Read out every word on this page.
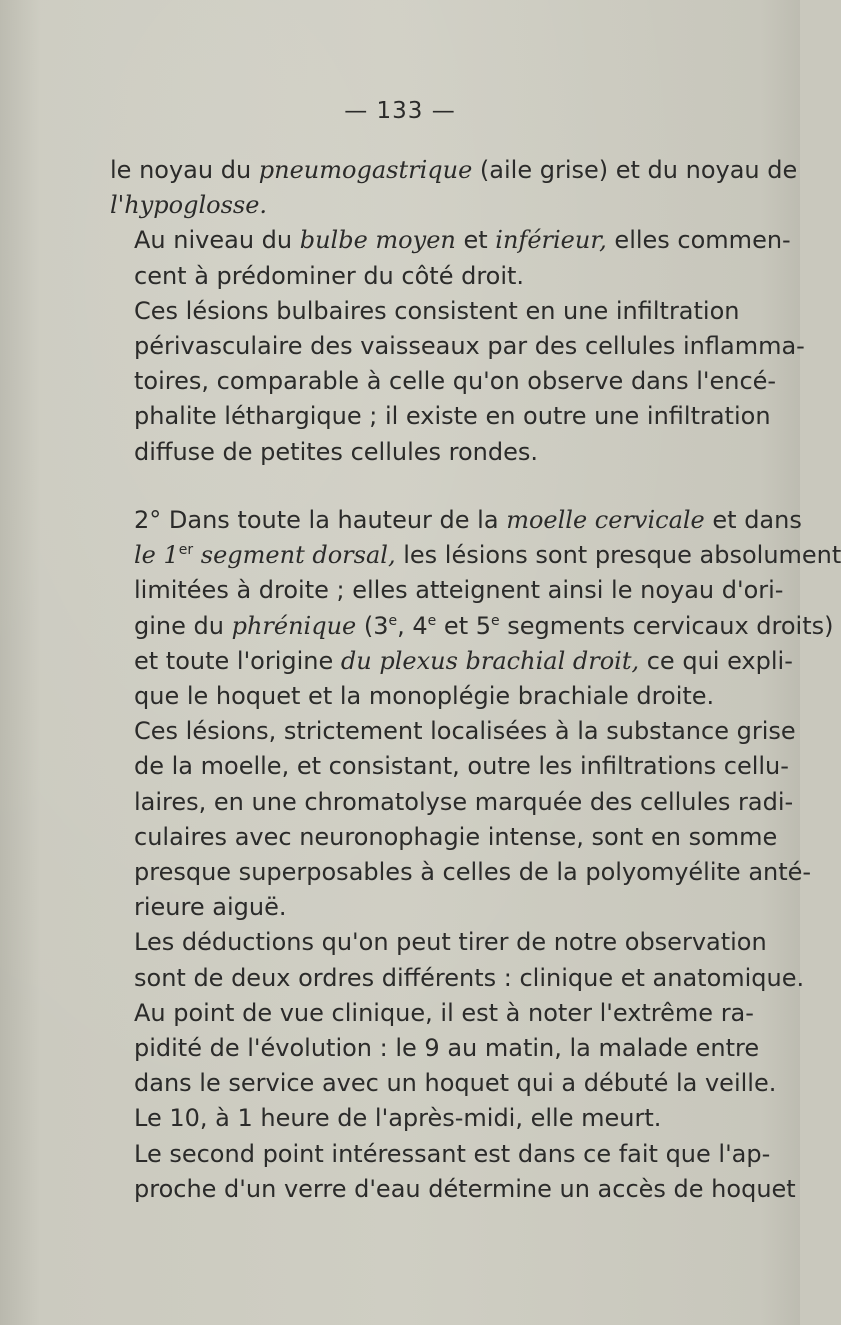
— 133 —

le noyau du pneumogastrique (aile grise) et du noyau de
l'hypoglosse.

Au niveau du bulbe moyen et inférieur, elles commen-
cent à prédominer du côté droit.

Ces lésions bulbaires consistent en une infiltration
périvasculaire des vaisseaux par des cellules inflamma-
toires, comparable à celle qu'on observe dans l'encé-
phalite léthargique ; il existe en outre une infiltration
diffuse de petites cellules rondes.

2° Dans toute la hauteur de la moelle cervicale et dans
le 1er segment dorsal, les lésions sont presque absolument
limitées à droite ; elles atteignent ainsi le noyau d'ori-
gine du phrénique (3e, 4e et 5e segments cervicaux droits)
et toute l'origine du plexus brachial droit, ce qui expli-
que le hoquet et la monoplégie brachiale droite.

Ces lésions, strictement localisées à la substance grise
de la moelle, et consistant, outre les infiltrations cellu-
laires, en une chromatolyse marquée des cellules radi-
culaires avec neuronophagie intense, sont en somme
presque superposables à celles de la polyomyélite anté-
rieure aiguë.

Les déductions qu'on peut tirer de notre observation
sont de deux ordres différents : clinique et anatomique.

Au point de vue clinique, il est à noter l'extrême ra-
pidité de l'évolution : le 9 au matin, la malade entre
dans le service avec un hoquet qui a débuté la veille.
Le 10, à 1 heure de l'après-midi, elle meurt.

Le second point intéressant est dans ce fait que l'ap-
proche d'un verre d'eau détermine un accès de hoquet
